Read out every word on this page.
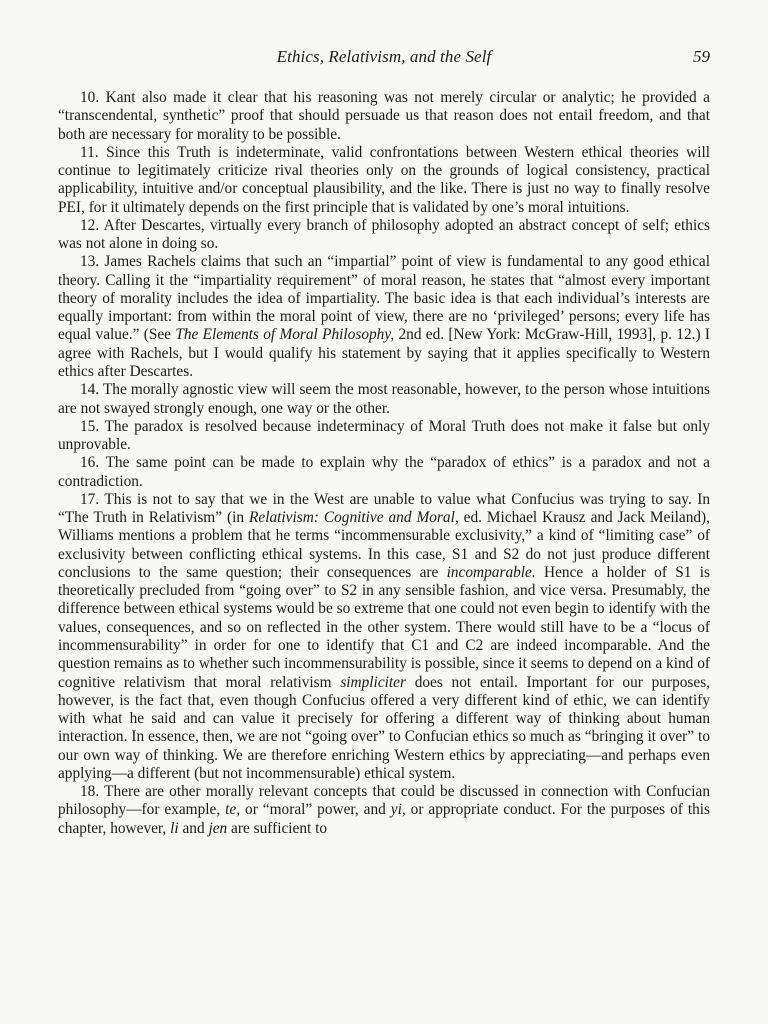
Ethics, Relativism, and the Self	59

10. Kant also made it clear that his reasoning was not merely circular or analytic; he provided a “transcendental, synthetic” proof that should persuade us that reason does not entail freedom, and that both are necessary for morality to be possible.

11. Since this Truth is indeterminate, valid confrontations between Western ethical theories will continue to legitimately criticize rival theories only on the grounds of logical consistency, practical applicability, intuitive and/or conceptual plausibility, and the like. There is just no way to finally resolve PEI, for it ultimately depends on the first principle that is validated by one’s moral intuitions.

12. After Descartes, virtually every branch of philosophy adopted an abstract concept of self; ethics was not alone in doing so.

13. James Rachels claims that such an “impartial” point of view is fundamental to any good ethical theory. Calling it the “impartiality requirement” of moral reason, he states that “almost every important theory of morality includes the idea of impartiality. The basic idea is that each individual’s interests are equally important: from within the moral point of view, there are no ‘privileged’ persons; every life has equal value.” (See The Elements of Moral Philosophy, 2nd ed. [New York: McGraw-Hill, 1993], p. 12.) I agree with Rachels, but I would qualify his statement by saying that it applies specifically to Western ethics after Descartes.

14. The morally agnostic view will seem the most reasonable, however, to the person whose intuitions are not swayed strongly enough, one way or the other.

15. The paradox is resolved because indeterminacy of Moral Truth does not make it false but only unprovable.

16. The same point can be made to explain why the “paradox of ethics” is a paradox and not a contradiction.

17. This is not to say that we in the West are unable to value what Confucius was trying to say. In “The Truth in Relativism” (in Relativism: Cognitive and Moral, ed. Michael Krausz and Jack Meiland), Williams mentions a problem that he terms “incommensurable exclusivity,” a kind of “limiting case” of exclusivity between conflicting ethical systems. In this case, S1 and S2 do not just produce different conclusions to the same question; their consequences are incomparable. Hence a holder of S1 is theoretically precluded from “going over” to S2 in any sensible fashion, and vice versa. Presumably, the difference between ethical systems would be so extreme that one could not even begin to identify with the values, consequences, and so on reflected in the other system. There would still have to be a “locus of incommensurability” in order for one to identify that C1 and C2 are indeed incomparable. And the question remains as to whether such incommensurability is possible, since it seems to depend on a kind of cognitive relativism that moral relativism simpliciter does not entail. Important for our purposes, however, is the fact that, even though Confucius offered a very different kind of ethic, we can identify with what he said and can value it precisely for offering a different way of thinking about human interaction. In essence, then, we are not “going over” to Confucian ethics so much as “bringing it over” to our own way of thinking. We are therefore enriching Western ethics by appreciating—and perhaps even applying—a different (but not incommensurable) ethical system.

18. There are other morally relevant concepts that could be discussed in connection with Confucian philosophy—for example, te, or “moral” power, and yi, or appropriate conduct. For the purposes of this chapter, however, li and jen are sufficient to
